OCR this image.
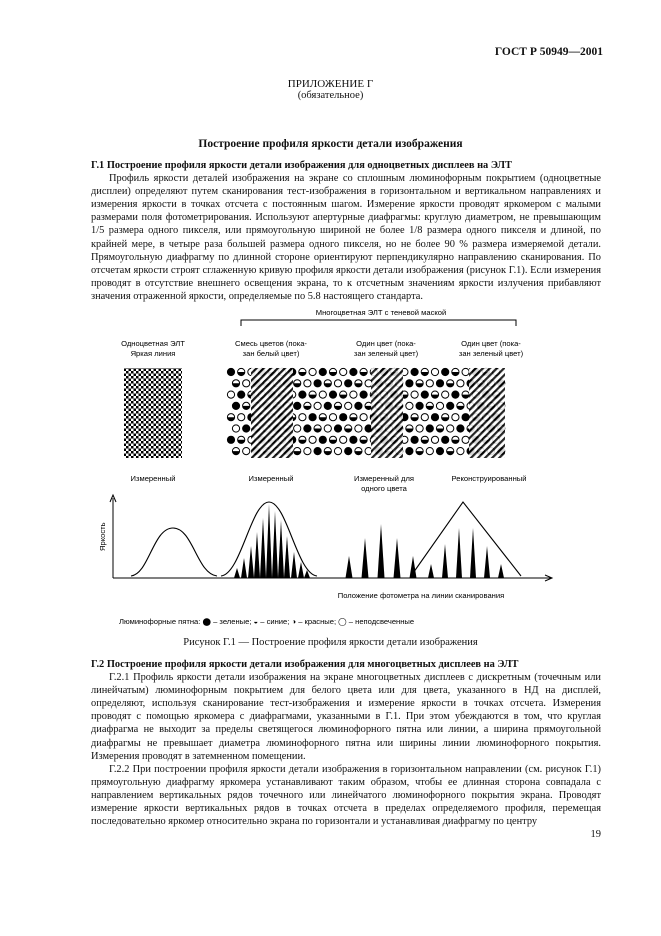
ГОСТ Р 50949—2001
ПРИЛОЖЕНИЕ Г
(обязательное)
Построение профиля яркости детали изображения
Г.1 Построение профиля яркости детали изображения для одноцветных дисплеев на ЭЛТ

Профиль яркости деталей изображения на экране со сплошным люминофорным покрытием (одноцветные дисплеи) определяют путем сканирования тест-изображения в горизонтальном и вертикальном направлениях и измерения яркости в точках отсчета с постоянным шагом. Измерение яркости проводят яркомером с малыми размерами поля фотометрирования. Используют апертурные диафрагмы: круглую диаметром, не превышающим 1/5 размера одного пикселя, или прямоугольную шириной не более 1/8 размера одного пикселя и длиной, по крайней мере, в четыре раза большей размера одного пикселя, но не более 90 % размера измеряемой детали. Прямоугольную диафрагму по длинной стороне ориентируют перпендикулярно направлению сканирования. По отсчетам яркости строят сглаженную кривую профиля яркости детали изображения (рисунок Г.1). Если измерения проводят в отсутствие внешнего освещения экрана, то к отсчетным значениям яркости излучения прибавляют значения отраженной яркости, определяемые по 5.8 настоящего стандарта.

Многоцветная ЭЛТ с теневой маской
Одноцветная ЭЛТ
Яркая линия
Смесь цветов (пока-
зан белый цвет)
Один цвет (пока-
зан зеленый цвет)
Один цвет (пока-
зан зеленый цвет)
Измеренный	Измеренный	Измеренный для
одного цвета
Реконструированный
Яркость
Положение фотометра на линии сканирования
Люминофорные пятна: ⬤ – зеленые; ◒ – синие; ◑ – красные; ◯ – неподсвеченные
Рисунок Г.1 — Построение профиля яркости детали изображения
Г.2 Построение профиля яркости детали изображения для многоцветных дисплеев на ЭЛТ

Г.2.1 Профиль яркости детали изображения на экране многоцветных дисплеев с дискретным (точечным или линейчатым) люминофорным покрытием для белого цвета или для цвета, указанного в НД на дисплей, определяют, используя сканирование тест-изображения и измерение яркости в точках отсчета. Измерения проводят с помощью яркомера с диафрагмами, указанными в Г.1. При этом убеждаются в том, что круглая диафрагма не выходит за пределы светящегося люминофорного пятна или линии, а ширина прямоугольной диафрагмы не превышает диаметра люминофорного пятна или ширины линии люминофорного покрытия. Измерения проводят в затемненном помещении.

Г.2.2 При построении профиля яркости детали изображения в горизонтальном направлении (см. рисунок Г.1) прямоугольную диафрагму яркомера устанавливают таким образом, чтобы ее длинная сторона совпадала с направлением вертикальных рядов точечного или линейчатого люминофорного покрытия экрана. Проводят измерение яркости вертикальных рядов в точках отсчета в пределах определяемого профиля, перемещая последовательно яркомер относительно экрана по горизонтали и устанавливая диафрагму по центру

19
